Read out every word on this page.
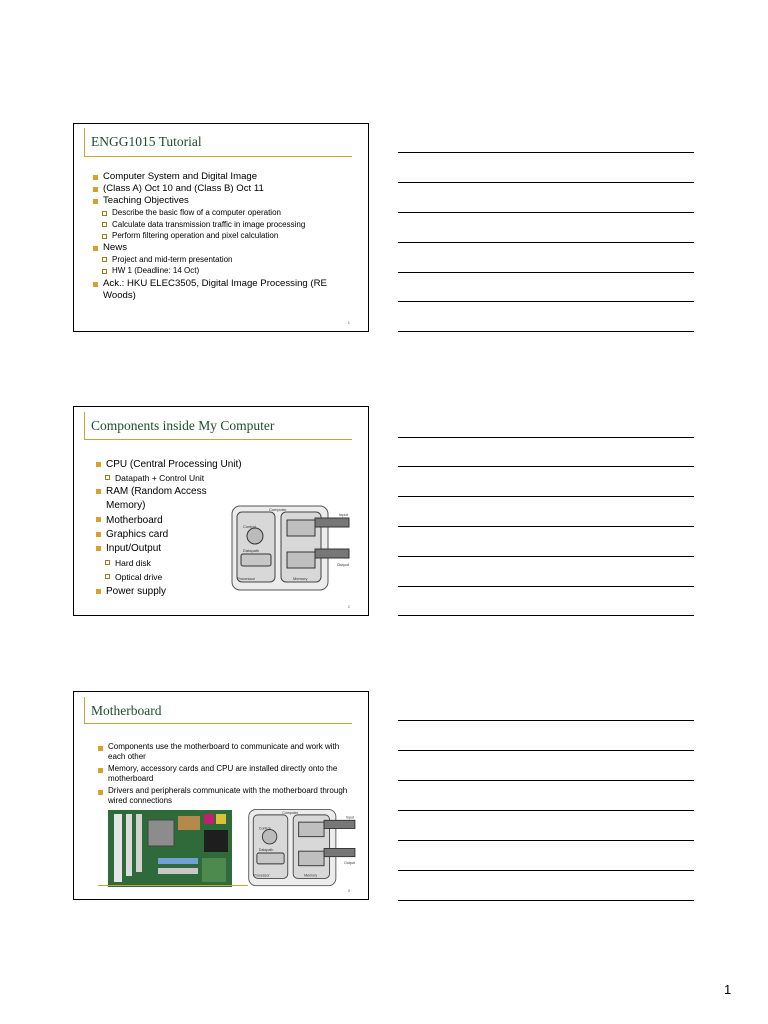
ENGG1015 Tutorial
Computer System and Digital Image
(Class A) Oct 10 and (Class B) Oct 11
Teaching Objectives
Describe the basic flow of a computer operation
Calculate data transmission traffic in image processing
Perform filtering operation and pixel calculation
News
Project and mid-term presentation
HW 1 (Deadline: 14 Oct)
Ack.: HKU ELEC3505, Digital Image Processing (RE Woods)
1
Components inside My Computer
CPU (Central Processing Unit)
Datapath + Control Unit
RAM (Random Access Memory)
Motherboard
Graphics card
Input/Output
Hard disk
Optical drive
Power supply
Computer
Control
Datapath
Input
Output
Processor	Memory
2
Motherboard
Components use the motherboard to communicate and work with each other
Memory, accessory cards and CPU are installed directly onto the motherboard
Drivers and peripherals communicate with the motherboard through wired connections
Computer
Control
Datapath
Input
Output
Processor	Memory
3
1
